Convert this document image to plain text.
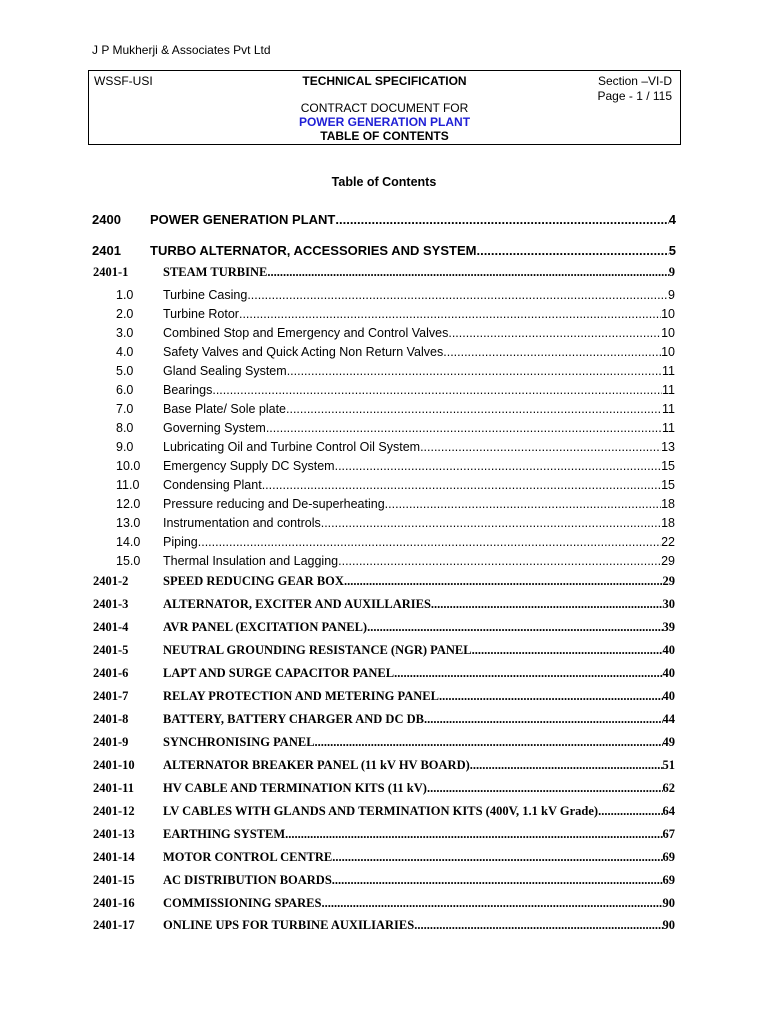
J P Mukherji & Associates Pvt Ltd
WSSF-USI	TECHNICAL SPECIFICATION	Section –VI-D
Page - 1 / 115
CONTRACT DOCUMENT FOR
POWER GENERATION PLANT
TABLE OF CONTENTS
Table of Contents
2400 POWER GENERATION PLANT .....	4
2401 TURBO ALTERNATOR, ACCESSORIES AND SYSTEM .....	5
2401-1	STEAM TURBINE .....	9
1.0 Turbine Casing .....	9
2.0 Turbine Rotor .....	10
3.0 Combined Stop and Emergency and Control Valves .....	10
4.0 Safety Valves and Quick Acting Non Return Valves .....	10
5.0 Gland Sealing System .....	11
6.0 Bearings .....	11
7.0 Base Plate/ Sole plate .....	11
8.0 Governing System .....	11
9.0 Lubricating Oil and Turbine Control Oil System .....	13
10.0 Emergency Supply DC System .....	15
11.0 Condensing Plant .....	15
12.0 Pressure reducing and De-superheating .....	18
13.0 Instrumentation and controls .....	18
14.0 Piping .....	22
15.0 Thermal Insulation and Lagging .....	29
2401-2	SPEED REDUCING GEAR BOX .....	29
2401-3	ALTERNATOR, EXCITER AND AUXILLARIES .....	30
2401-4	AVR PANEL (EXCITATION PANEL) .....	39
2401-5	NEUTRAL GROUNDING RESISTANCE (NGR) PANEL .....	40
2401-6	LAPT AND SURGE CAPACITOR PANEL .....	40
2401-7	RELAY PROTECTION AND METERING PANEL .....	40
2401-8	BATTERY, BATTERY CHARGER AND DC DB .....	44
2401-9	SYNCHRONISING PANEL .....	49
2401-10 ALTERNATOR BREAKER PANEL (11 kV HV BOARD) .....	51
2401-11 HV CABLE AND TERMINATION KITS (11 kV) .....	62
2401-12 LV CABLES WITH GLANDS AND TERMINATION KITS (400V, 1.1 kV Grade) .....	64
2401-13 EARTHING SYSTEM .....	67
2401-14 MOTOR CONTROL CENTRE .....	69
2401-15 AC DISTRIBUTION BOARDS .....	69
2401-16 COMMISSIONING SPARES .....	90
2401-17 ONLINE UPS FOR TURBINE AUXILIARIES .....	90
